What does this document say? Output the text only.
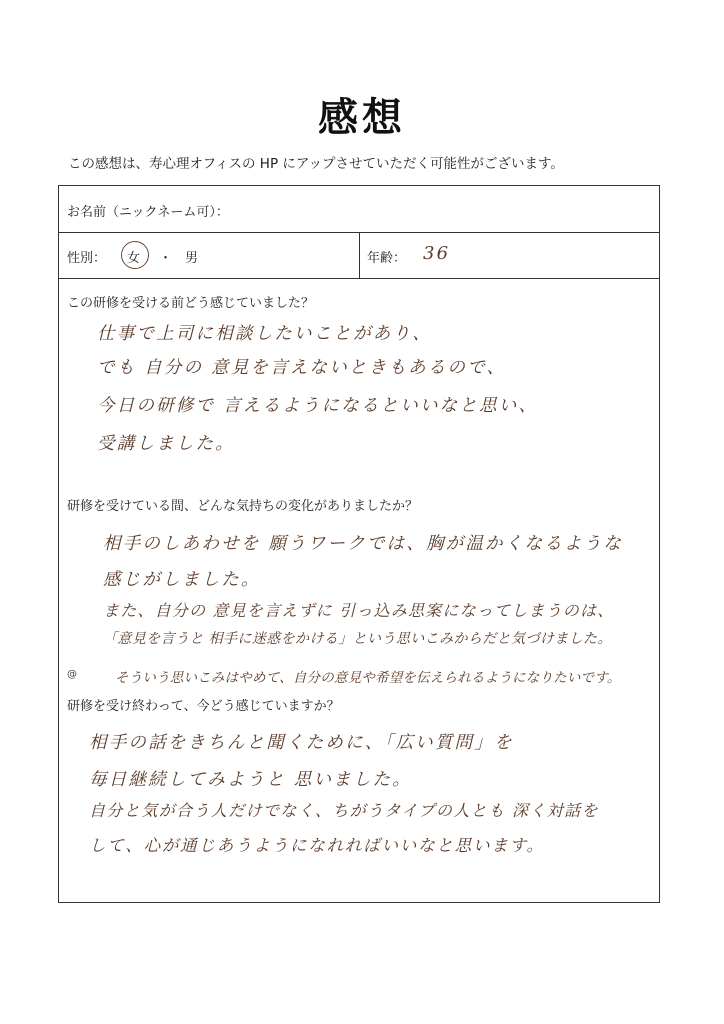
感想
この感想は、寿心理オフィスの HP にアップさせていただく可能性がございます。
お名前（ニックネーム可）：
性別： 女 ・ 男	年齢： 36
この研修を受ける前どう感じていました？
仕事で上司に相談したいことがあり、
でも 自分の 意見を言えないときもあるので、
今日の研修で 言えるようになるといいなと思い、
受講しました。
研修を受けている間、どんな気持ちの変化がありましたか？
相手のしあわせを 願うワークでは、胸が温かくなるような
感じがしました。
また、自分の 意見を言えずに 引っ込み思案になってしまうのは、
「意見を言うと 相手に迷惑をかける」という思いこみからだと気づけました。
@	そういう思いこみはやめて、自分の意見や希望を伝えられるようになりたいです。
研修を受け終わって、今どう感じていますか？
相手の話をきちんと聞くために、「広い質問」を
毎日継続してみようと 思いました。
自分と気が合う人だけでなく、ちがうタイプの人とも 深く対話を
して、心が通じあうようになれればいいなと思います。
